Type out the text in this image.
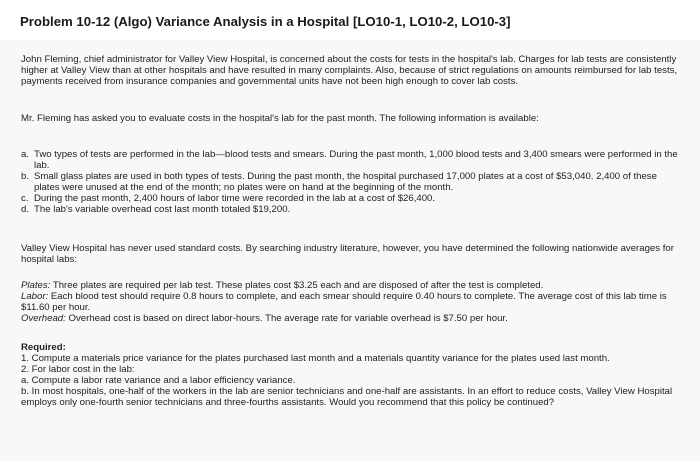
Problem 10-12 (Algo) Variance Analysis in a Hospital [LO10-1, LO10-2, LO10-3]
John Fleming, chief administrator for Valley View Hospital, is concerned about the costs for tests in the hospital's lab. Charges for lab tests are consistently higher at Valley View than at other hospitals and have resulted in many complaints. Also, because of strict regulations on amounts reimbursed for lab tests, payments received from insurance companies and governmental units have not been high enough to cover lab costs.
Mr. Fleming has asked you to evaluate costs in the hospital's lab for the past month. The following information is available:
a. Two types of tests are performed in the lab—blood tests and smears. During the past month, 1,000 blood tests and 3,400 smears were performed in the lab.
b. Small glass plates are used in both types of tests. During the past month, the hospital purchased 17,000 plates at a cost of $53,040. 2,400 of these plates were unused at the end of the month; no plates were on hand at the beginning of the month.
c. During the past month, 2,400 hours of labor time were recorded in the lab at a cost of $26,400.
d. The lab's variable overhead cost last month totaled $19,200.
Valley View Hospital has never used standard costs. By searching industry literature, however, you have determined the following nationwide averages for hospital labs:
Plates: Three plates are required per lab test. These plates cost $3.25 each and are disposed of after the test is completed.
Labor: Each blood test should require 0.8 hours to complete, and each smear should require 0.40 hours to complete. The average cost of this lab time is $11.60 per hour.
Overhead: Overhead cost is based on direct labor-hours. The average rate for variable overhead is $7.50 per hour.
Required:
1. Compute a materials price variance for the plates purchased last month and a materials quantity variance for the plates used last month.
2. For labor cost in the lab:
a. Compute a labor rate variance and a labor efficiency variance.
b. In most hospitals, one-half of the workers in the lab are senior technicians and one-half are assistants. In an effort to reduce costs, Valley View Hospital employs only one-fourth senior technicians and three-fourths assistants. Would you recommend that this policy be continued?
